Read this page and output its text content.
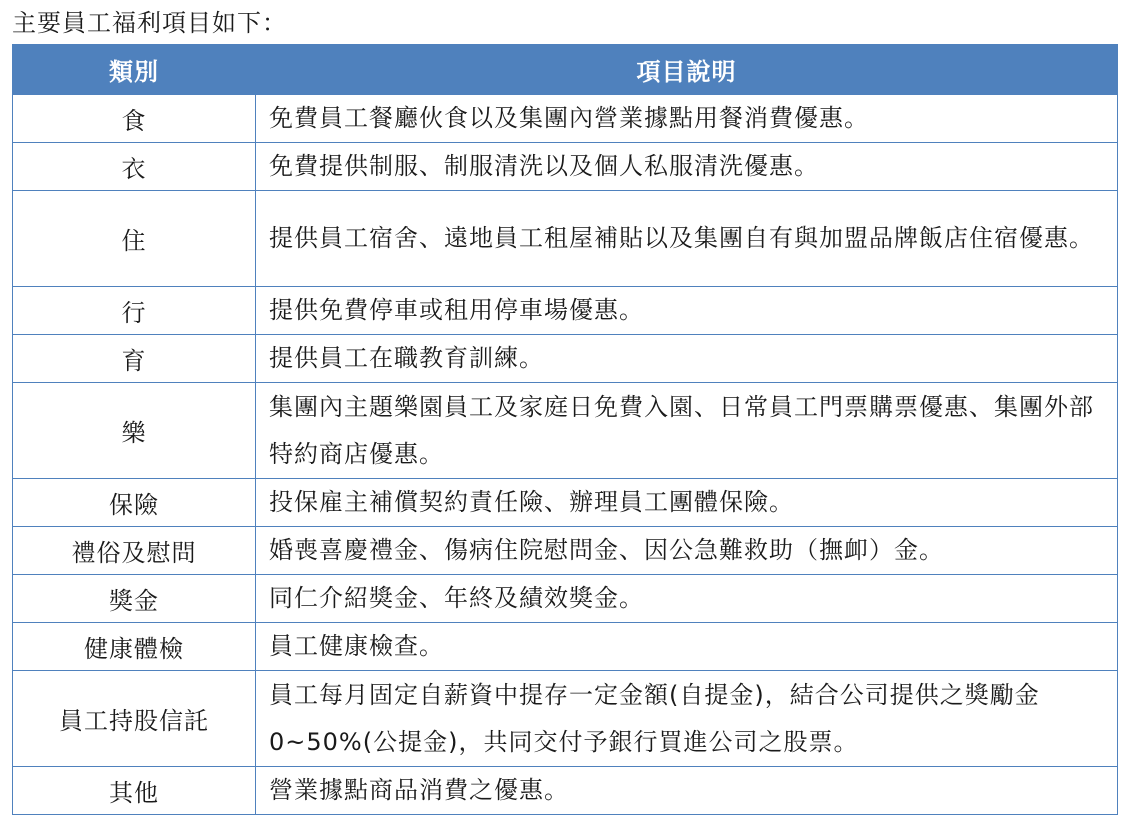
主要員工福利項目如下：
類別	項目說明
食	免費員工餐廳伙食以及集團內營業據點用餐消費優惠。
衣	免費提供制服、制服清洗以及個人私服清洗優惠。
住	提供員工宿舍、遠地員工租屋補貼以及集團自有與加盟品牌飯店住宿優惠。
行	提供免費停車或租用停車場優惠。
育	提供員工在職教育訓練。
樂	集團內主題樂園員工及家庭日免費入園、日常員工門票購票優惠、集團外部特約商店優惠。
保險	投保雇主補償契約責任險、辦理員工團體保險。
禮俗及慰問	婚喪喜慶禮金、傷病住院慰問金、因公急難救助（撫卹）金。
獎金	同仁介紹獎金、年終及績效獎金。
健康體檢	員工健康檢查。
員工持股信託	員工每月固定自薪資中提存一定金額(自提金)，結合公司提供之獎勵金0~50%(公提金)，共同交付予銀行買進公司之股票。
其他	營業據點商品消費之優惠。
